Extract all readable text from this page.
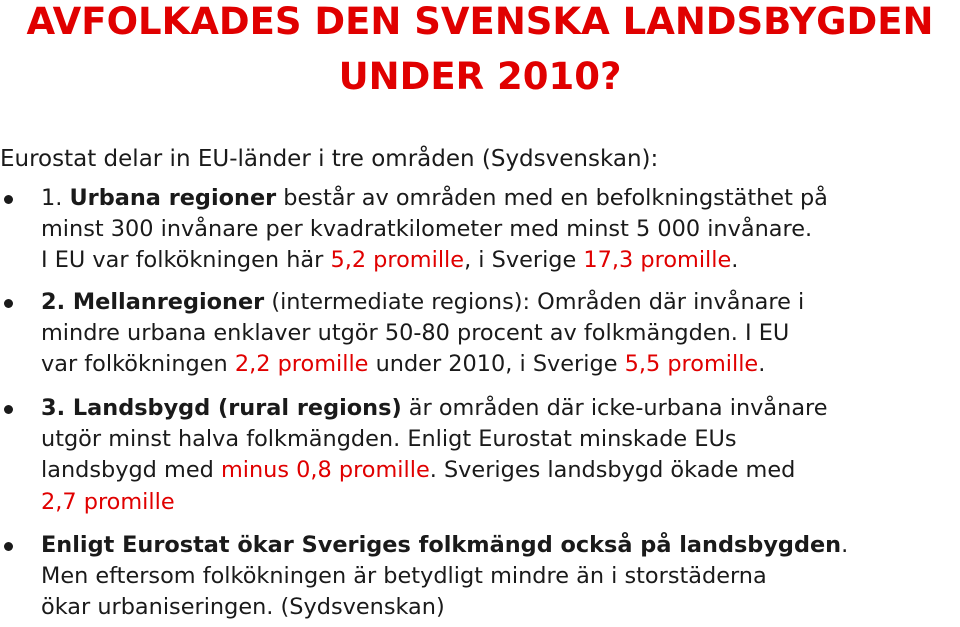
AVFOLKADES DEN SVENSKA LANDSBYGDEN
UNDER 2010?
Eurostat delar in EU-länder i tre områden (Sydsvenskan):
1. Urbana regioner består av områden med en befolkningstäthet på
minst 300 invånare per kvadratkilometer med minst 5 000 invånare.
I EU var folkökningen här 5,2 promille, i Sverige 17,3 promille.
2. Mellanregioner (intermediate regions): Områden där invånare i
mindre urbana enklaver utgör 50-80 procent av folkmängden. I EU
var folkökningen 2,2 promille under 2010, i Sverige 5,5 promille.
3. Landsbygd (rural regions) är områden där icke-urbana invånare
utgör minst halva folkmängden. Enligt Eurostat minskade EUs
landsbygd med minus 0,8 promille. Sveriges landsbygd ökade med
2,7 promille
Enligt Eurostat ökar Sveriges folkmängd också på landsbygden.
Men eftersom folkökningen är betydligt mindre än i storstäderna
ökar urbaniseringen. (Sydsvenskan)
